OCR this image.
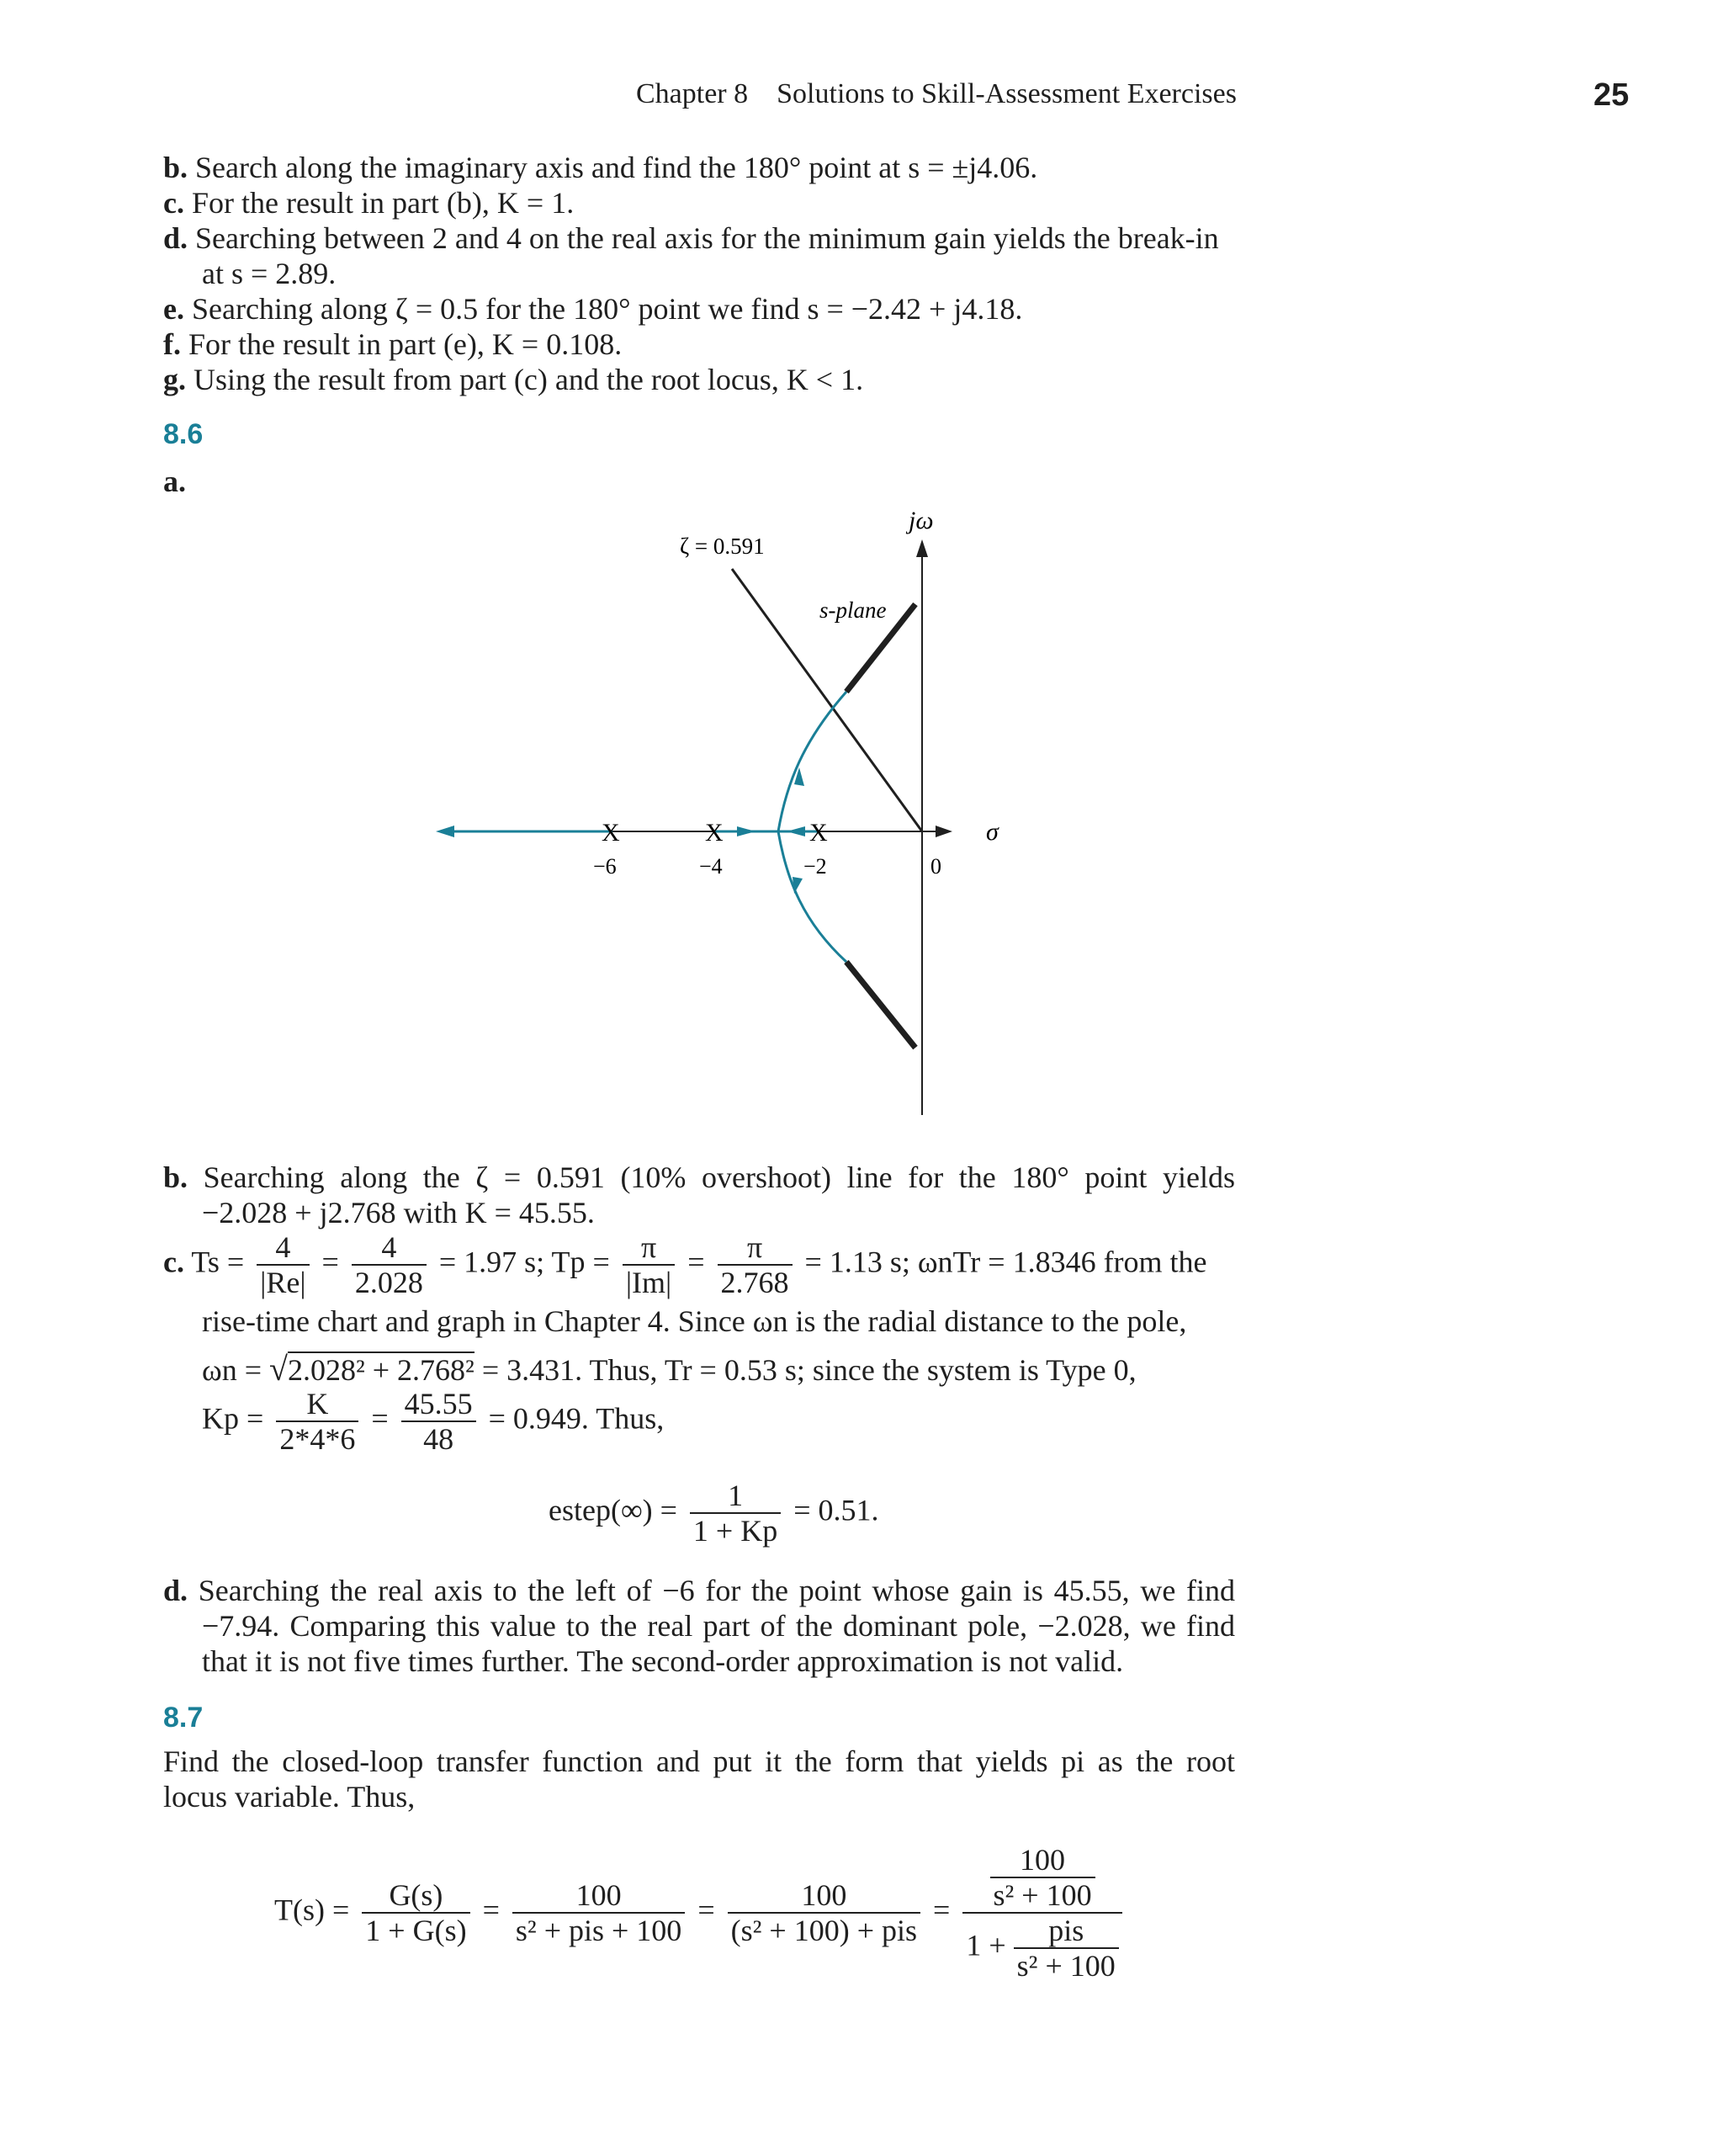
Chapter 8 Solutions to Skill-Assessment Exercises	25
b. Search along the imaginary axis and find the 180° point at s = ±j4.06.
c. For the result in part (b), K = 1.
d. Searching between 2 and 4 on the real axis for the minimum gain yields the break-in
at s = 2.89.
e. Searching along ζ = 0.5 for the 180° point we find s = −2.42 + j4.18.
f. For the result in part (e), K = 0.108.
g. Using the result from part (c) and the root locus, K < 1.
8.6
a.
X	X	X
−6	−4	−2	0
ζ = 0.591
s-plane
jω
σ
b. Searching along the ζ = 0.591 (10% overshoot) line for the 180° point yields
−2.028 + j2.768 with K = 45.55.
c. $Ts = \frac{4}{|Re|} = \frac{4}{2.028} = 1.97$ s; $Tp = \frac{\pi}{|Im|} = \frac{\pi}{2.768} = 1.13$ s; ωnTr = 1.8346 from the
rise-time chart and graph in Chapter 4. Since ωn is the radial distance to the pole,
ωn = √2.028² + 2.768² = 3.431. Thus, Tr = 0.53 s; since the system is Type 0,
$Kp = \frac{K}{2*4*6} = \frac{45.55}{48} = 0.949$. Thus,
estep(∞) = $\frac{1}{1 + Kp} = 0.51$.
d. Searching the real axis to the left of −6 for the point whose gain is 45.55, we find
−7.94. Comparing this value to the real part of the dominant pole, −2.028, we find
that it is not five times further. The second-order approximation is not valid.
8.7
Find the closed-loop transfer function and put it the form that yields pi as the root
locus variable. Thus,
$T(s) = \frac{G(s)}{1 + G(s)} = \frac{100}{\text{s² + pis + 100}} = \frac{100}{\text{(s² + 100) + pis}} = \frac{\frac{100}{\text{s² + 100}}}{1 + \frac{\text{pis}}{\text{s² + 100}}}$
